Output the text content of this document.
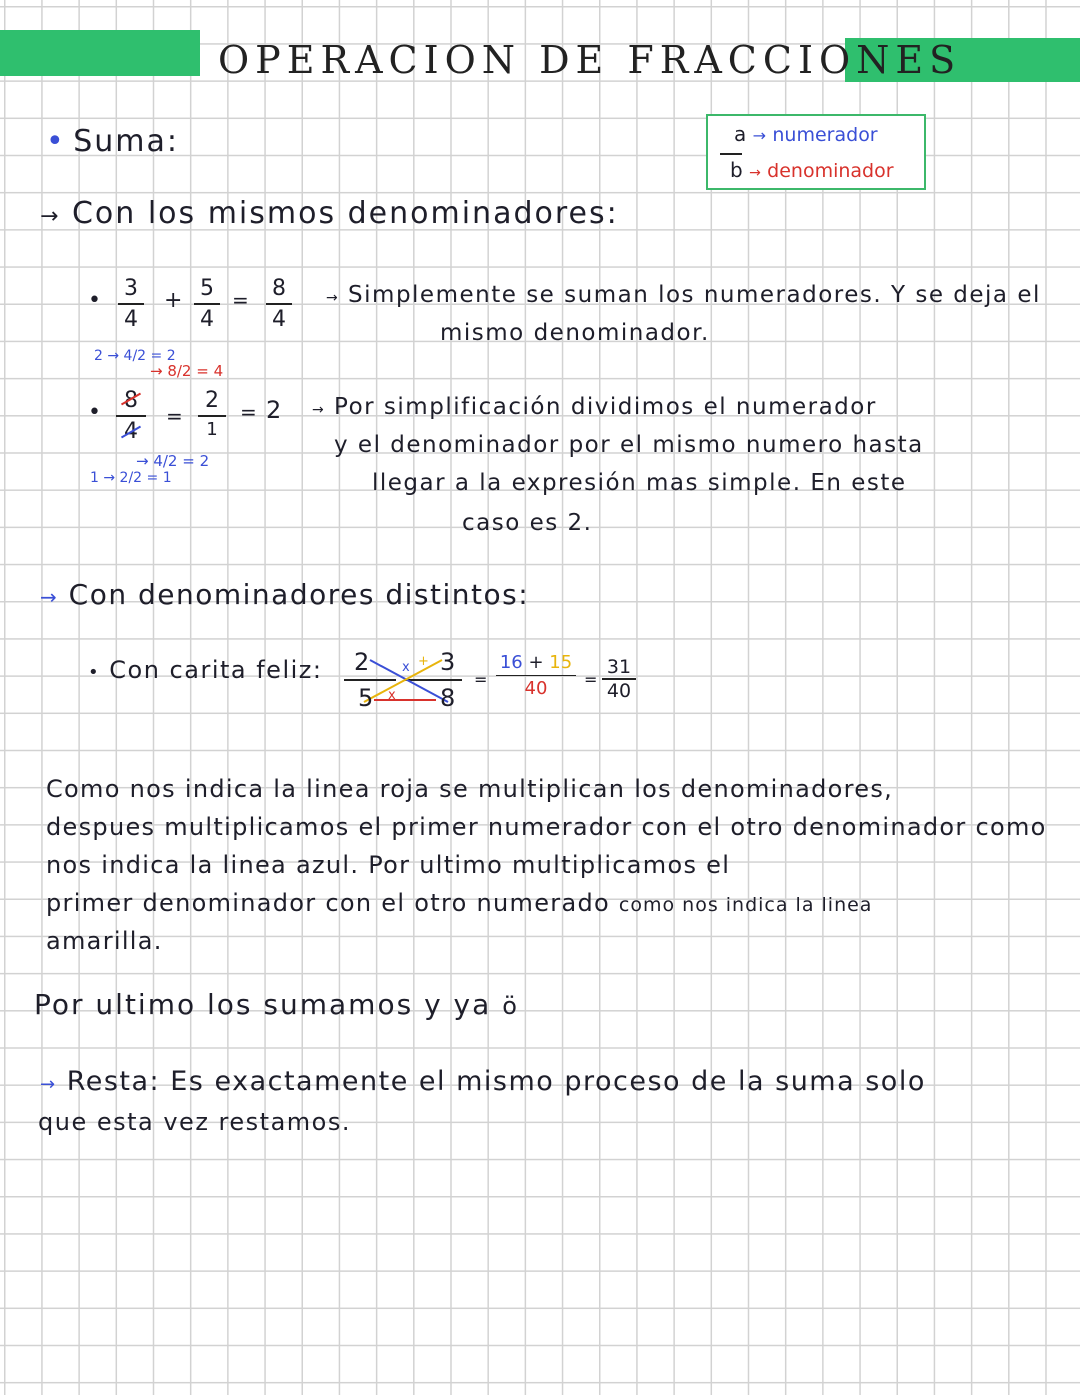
OPERACION DE FRACCIONES
a → numerador
b → denominador
• Suma:
→ Con los mismos denominadores:
• 3
4
+ 5
4
= 8
4
→ Simplemente se suman los numeradores. Y se deja el
mismo denominador.
2 → 4/2 = 2
→ 8/2 = 4
•	8
4
=
2
1
= 2
→ 4/2 = 2
1 → 2/2 = 1
→ Por simplificación dividimos el numerador
y el denominador por el mismo numero hasta
llegar a la expresión mas simple. En este
caso es 2.
→ Con denominadores distintos:
• Con carita feliz: 2
5
3
8
x +
x
=
16 + 15
40	=
31
40
Como nos indica la linea roja se multiplican los denominadores,
despues multiplicamos el primer numerador con el otro denominador como
nos indica la linea azul. Por ultimo multiplicamos el
primer denominador con el otro numerado como nos indica la linea
amarilla.
Por ultimo los sumamos y ya ö
→ Resta: Es exactamente el mismo proceso de la suma solo
que esta vez restamos.
